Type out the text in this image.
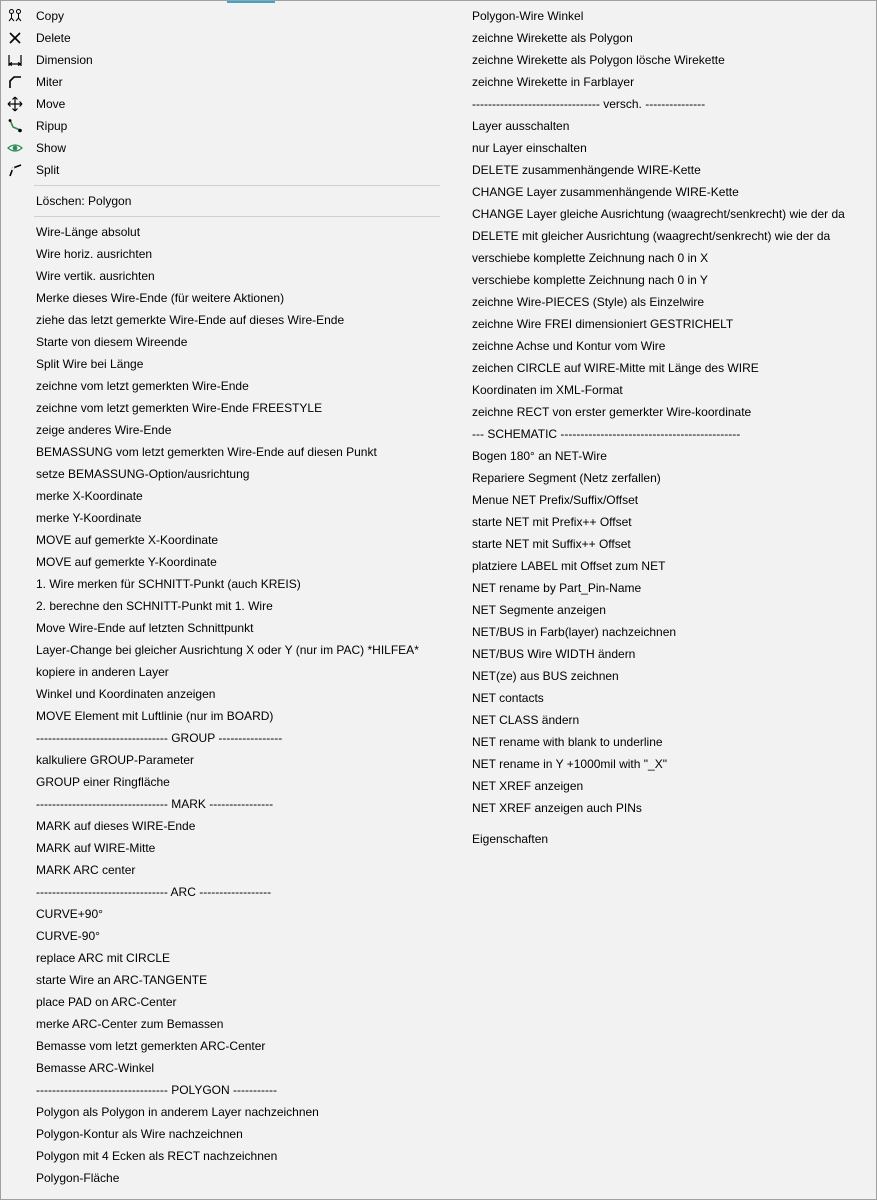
Copy
Delete
Dimension
Miter
Move
Ripup
Show
Split
Löschen: Polygon
Wire-Länge absolut
Wire horiz. ausrichten
Wire vertik. ausrichten
Merke dieses Wire-Ende (für weitere Aktionen)
ziehe das letzt gemerkte Wire-Ende auf dieses Wire-Ende
Starte von diesem Wireende
Split Wire bei Länge
zeichne vom letzt gemerkten Wire-Ende
zeichne vom letzt gemerkten Wire-Ende FREESTYLE
zeige anderes Wire-Ende
BEMASSUNG vom letzt gemerkten Wire-Ende auf diesen Punkt
setze BEMASSUNG-Option/ausrichtung
merke X-Koordinate
merke Y-Koordinate
MOVE auf gemerkte X-Koordinate
MOVE auf gemerkte Y-Koordinate
1. Wire merken für SCHNITT-Punkt (auch KREIS)
2. berechne den SCHNITT-Punkt mit 1. Wire
Move Wire-Ende auf letzten Schnittpunkt
Layer-Change bei gleicher Ausrichtung X oder Y (nur im PAC) *HILFEA*
kopiere in anderen Layer
Winkel und Koordinaten anzeigen
MOVE Element mit Luftlinie (nur im BOARD)
--------------------------------- GROUP ----------------
kalkuliere GROUP-Parameter
GROUP einer Ringfläche
--------------------------------- MARK ----------------
MARK auf dieses WIRE-Ende
MARK auf WIRE-Mitte
MARK ARC center
--------------------------------- ARC ------------------
CURVE+90°
CURVE-90°
replace ARC mit CIRCLE
starte Wire an ARC-TANGENTE
place PAD on ARC-Center
merke ARC-Center zum Bemassen
Bemasse vom letzt gemerkten ARC-Center
Bemasse ARC-Winkel
--------------------------------- POLYGON -----------
Polygon als Polygon in anderem Layer nachzeichnen
Polygon-Kontur als Wire nachzeichnen
Polygon mit 4 Ecken als RECT nachzeichnen
Polygon-Fläche
Polygon-Wire Winkel
zeichne Wirekette als Polygon
zeichne Wirekette als Polygon lösche Wirekette
zeichne Wirekette in Farblayer
-------------------------------- versch. ---------------
Layer ausschalten
nur Layer einschalten
DELETE zusammenhängende WIRE-Kette
CHANGE Layer zusammenhängende WIRE-Kette
CHANGE Layer gleiche Ausrichtung (waagrecht/senkrecht) wie der da
DELETE mit gleicher Ausrichtung (waagrecht/senkrecht) wie der da
verschiebe komplette Zeichnung nach 0 in X
verschiebe komplette Zeichnung nach 0 in Y
zeichne Wire-PIECES (Style) als Einzelwire
zeichne Wire FREI dimensioniert GESTRICHELT
zeichne Achse und Kontur vom Wire
zeichen CIRCLE auf WIRE-Mitte mit Länge des WIRE
Koordinaten im XML-Format
zeichne RECT von erster gemerkter Wire-koordinate
--- SCHEMATIC ---------------------------------------------
Bogen 180° an NET-Wire
Repariere Segment (Netz zerfallen)
Menue NET Prefix/Suffix/Offset
starte NET mit Prefix++ Offset
starte NET mit Suffix++ Offset
platziere LABEL mit Offset zum NET
NET rename by Part_Pin-Name
NET Segmente anzeigen
NET/BUS in Farb(layer) nachzeichnen
NET/BUS Wire WIDTH ändern
NET(ze) aus BUS zeichnen
NET contacts
NET CLASS ändern
NET rename with blank to underline
NET rename in Y +1000mil with "_X"
NET XREF anzeigen
NET XREF anzeigen auch PINs
Eigenschaften
